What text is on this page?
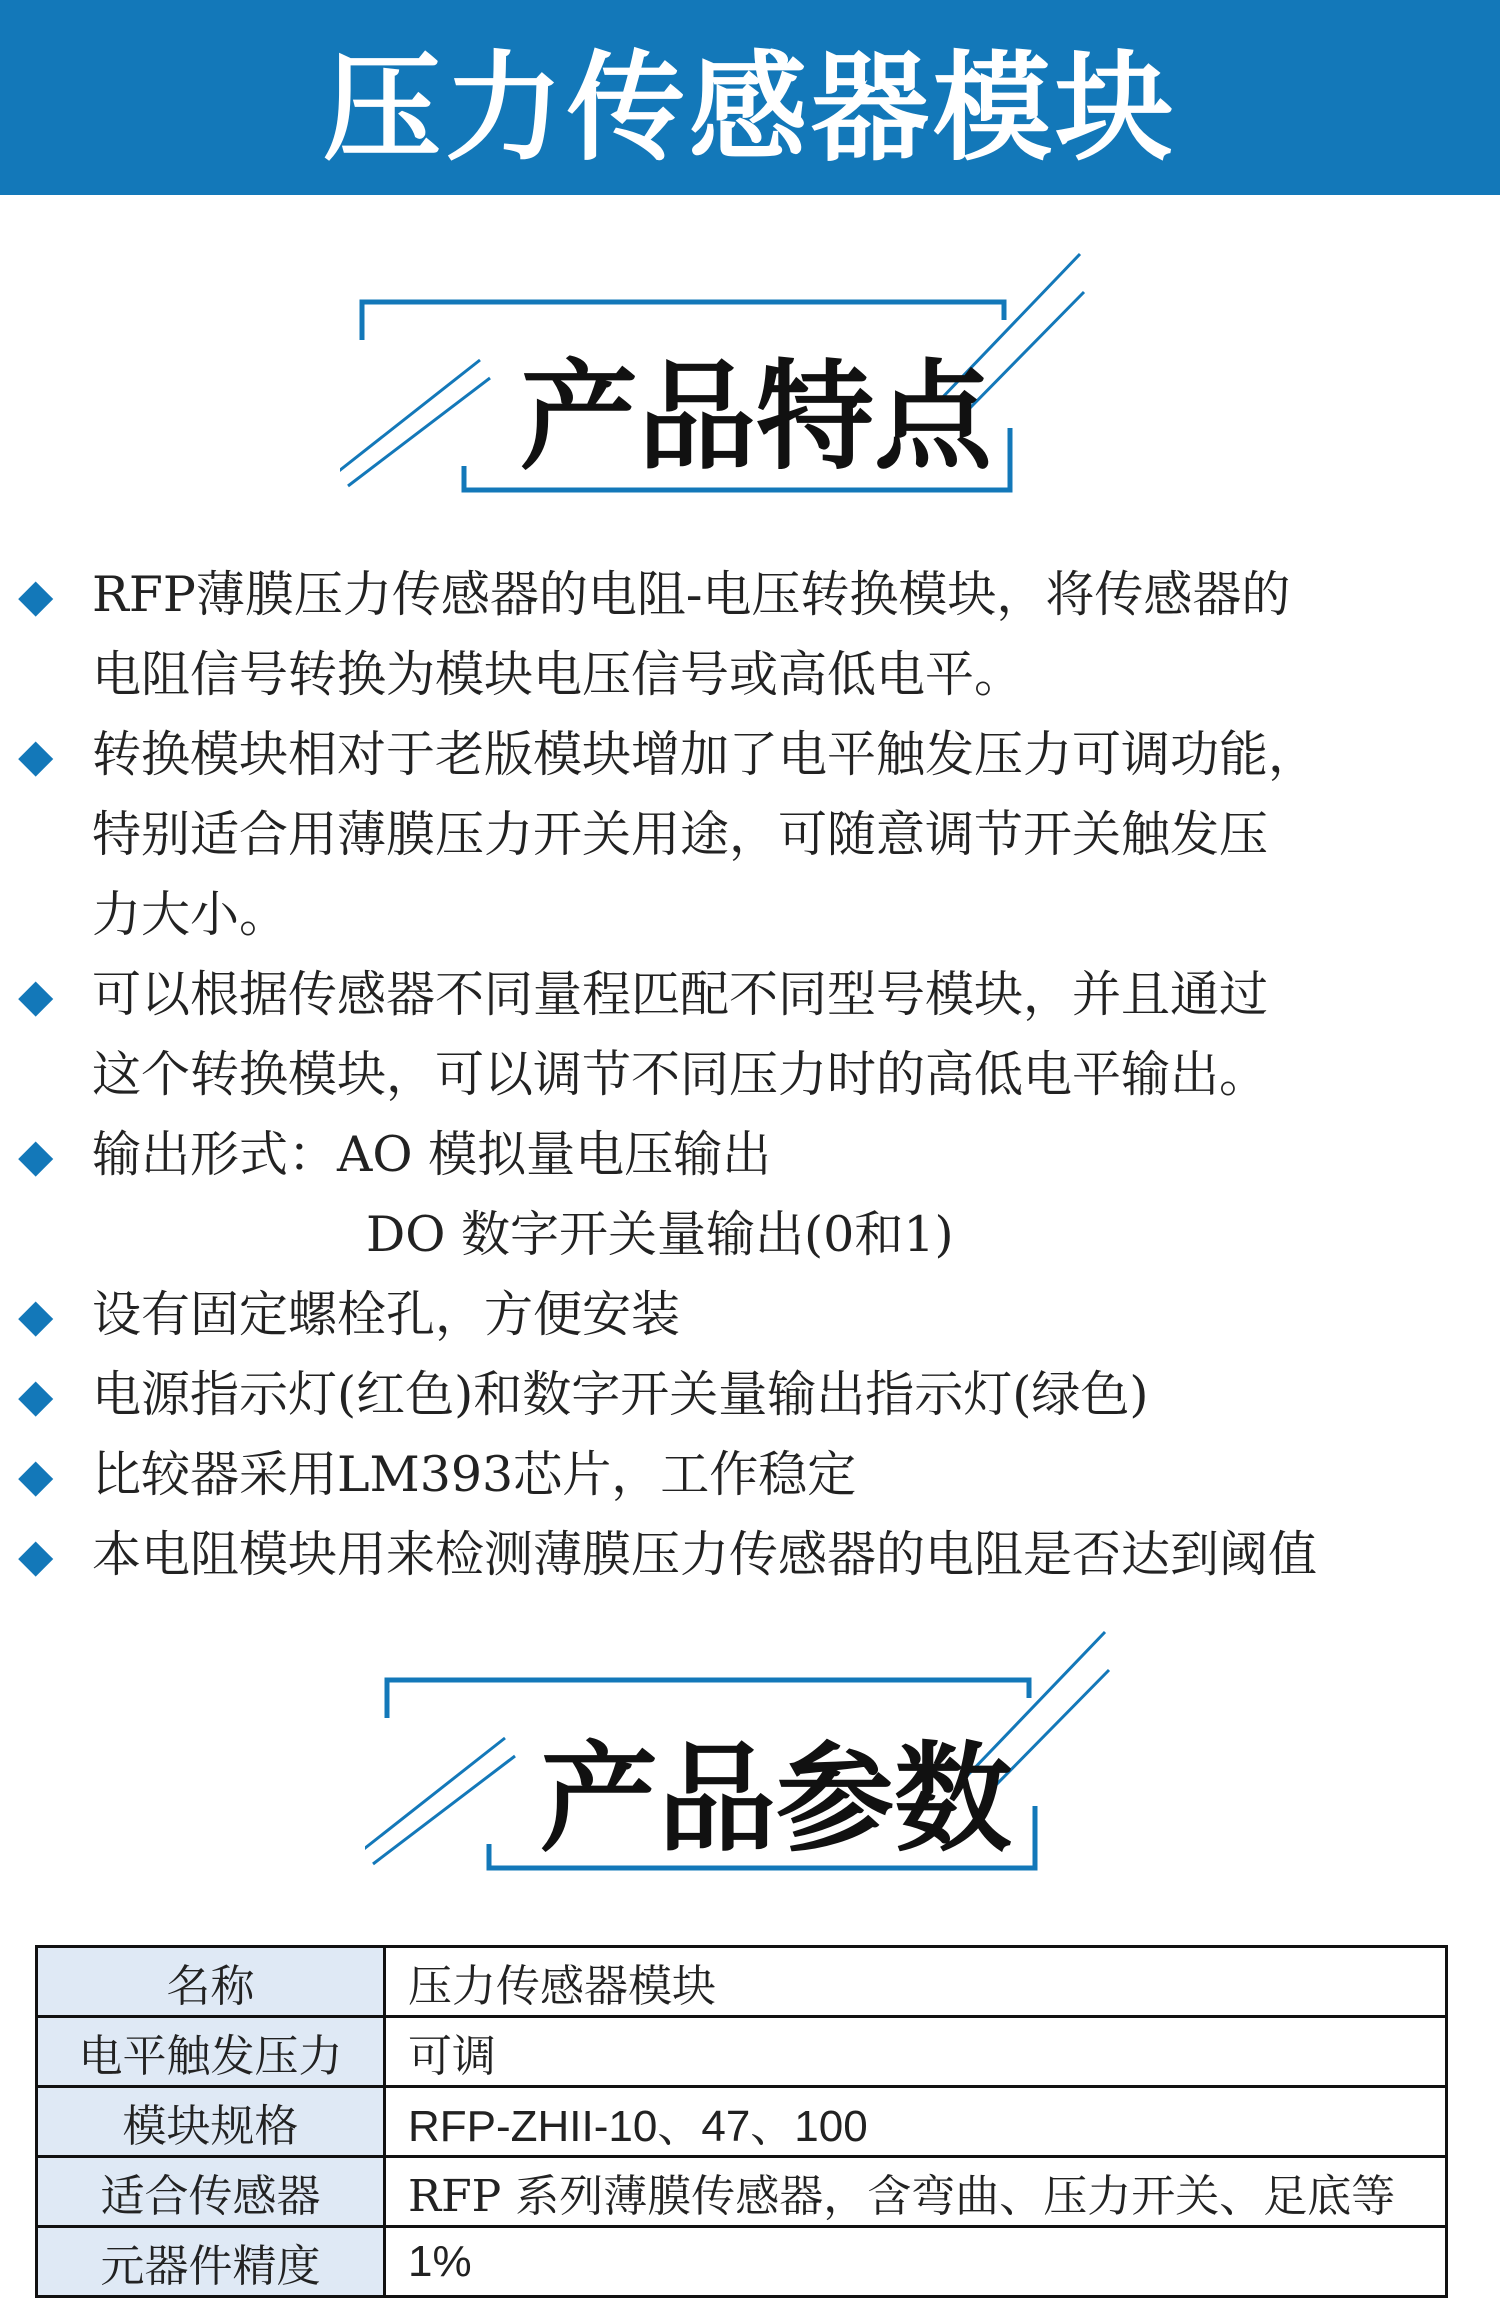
压力传感器模块
产品特点
◆ RFP薄膜压力传感器的电阻-电压转换模块，将传感器的
电阻信号转换为模块电压信号或高低电平。
◆ 转换模块相对于老版模块增加了电平触发压力可调功能，
特别适合用薄膜压力开关用途，可随意调节开关触发压
力大小。
◆ 可以根据传感器不同量程匹配不同型号模块，并且通过
这个转换模块，可以调节不同压力时的高低电平输出。
◆ 输出形式：AO 模拟量电压输出
DO 数字开关量输出(0和1)
◆ 设有固定螺栓孔，方便安装
◆ 电源指示灯(红色)和数字开关量输出指示灯(绿色)
◆ 比较器采用LM393芯片，工作稳定
◆ 本电阻模块用来检测薄膜压力传感器的电阻是否达到阈值
产品参数
名称	压力传感器模块
电平触发压力	可调
模块规格	RFP-ZHII-10、47、100
适合传感器	RFP 系列薄膜传感器，含弯曲、压力开关、足底等
元器件精度	1%
